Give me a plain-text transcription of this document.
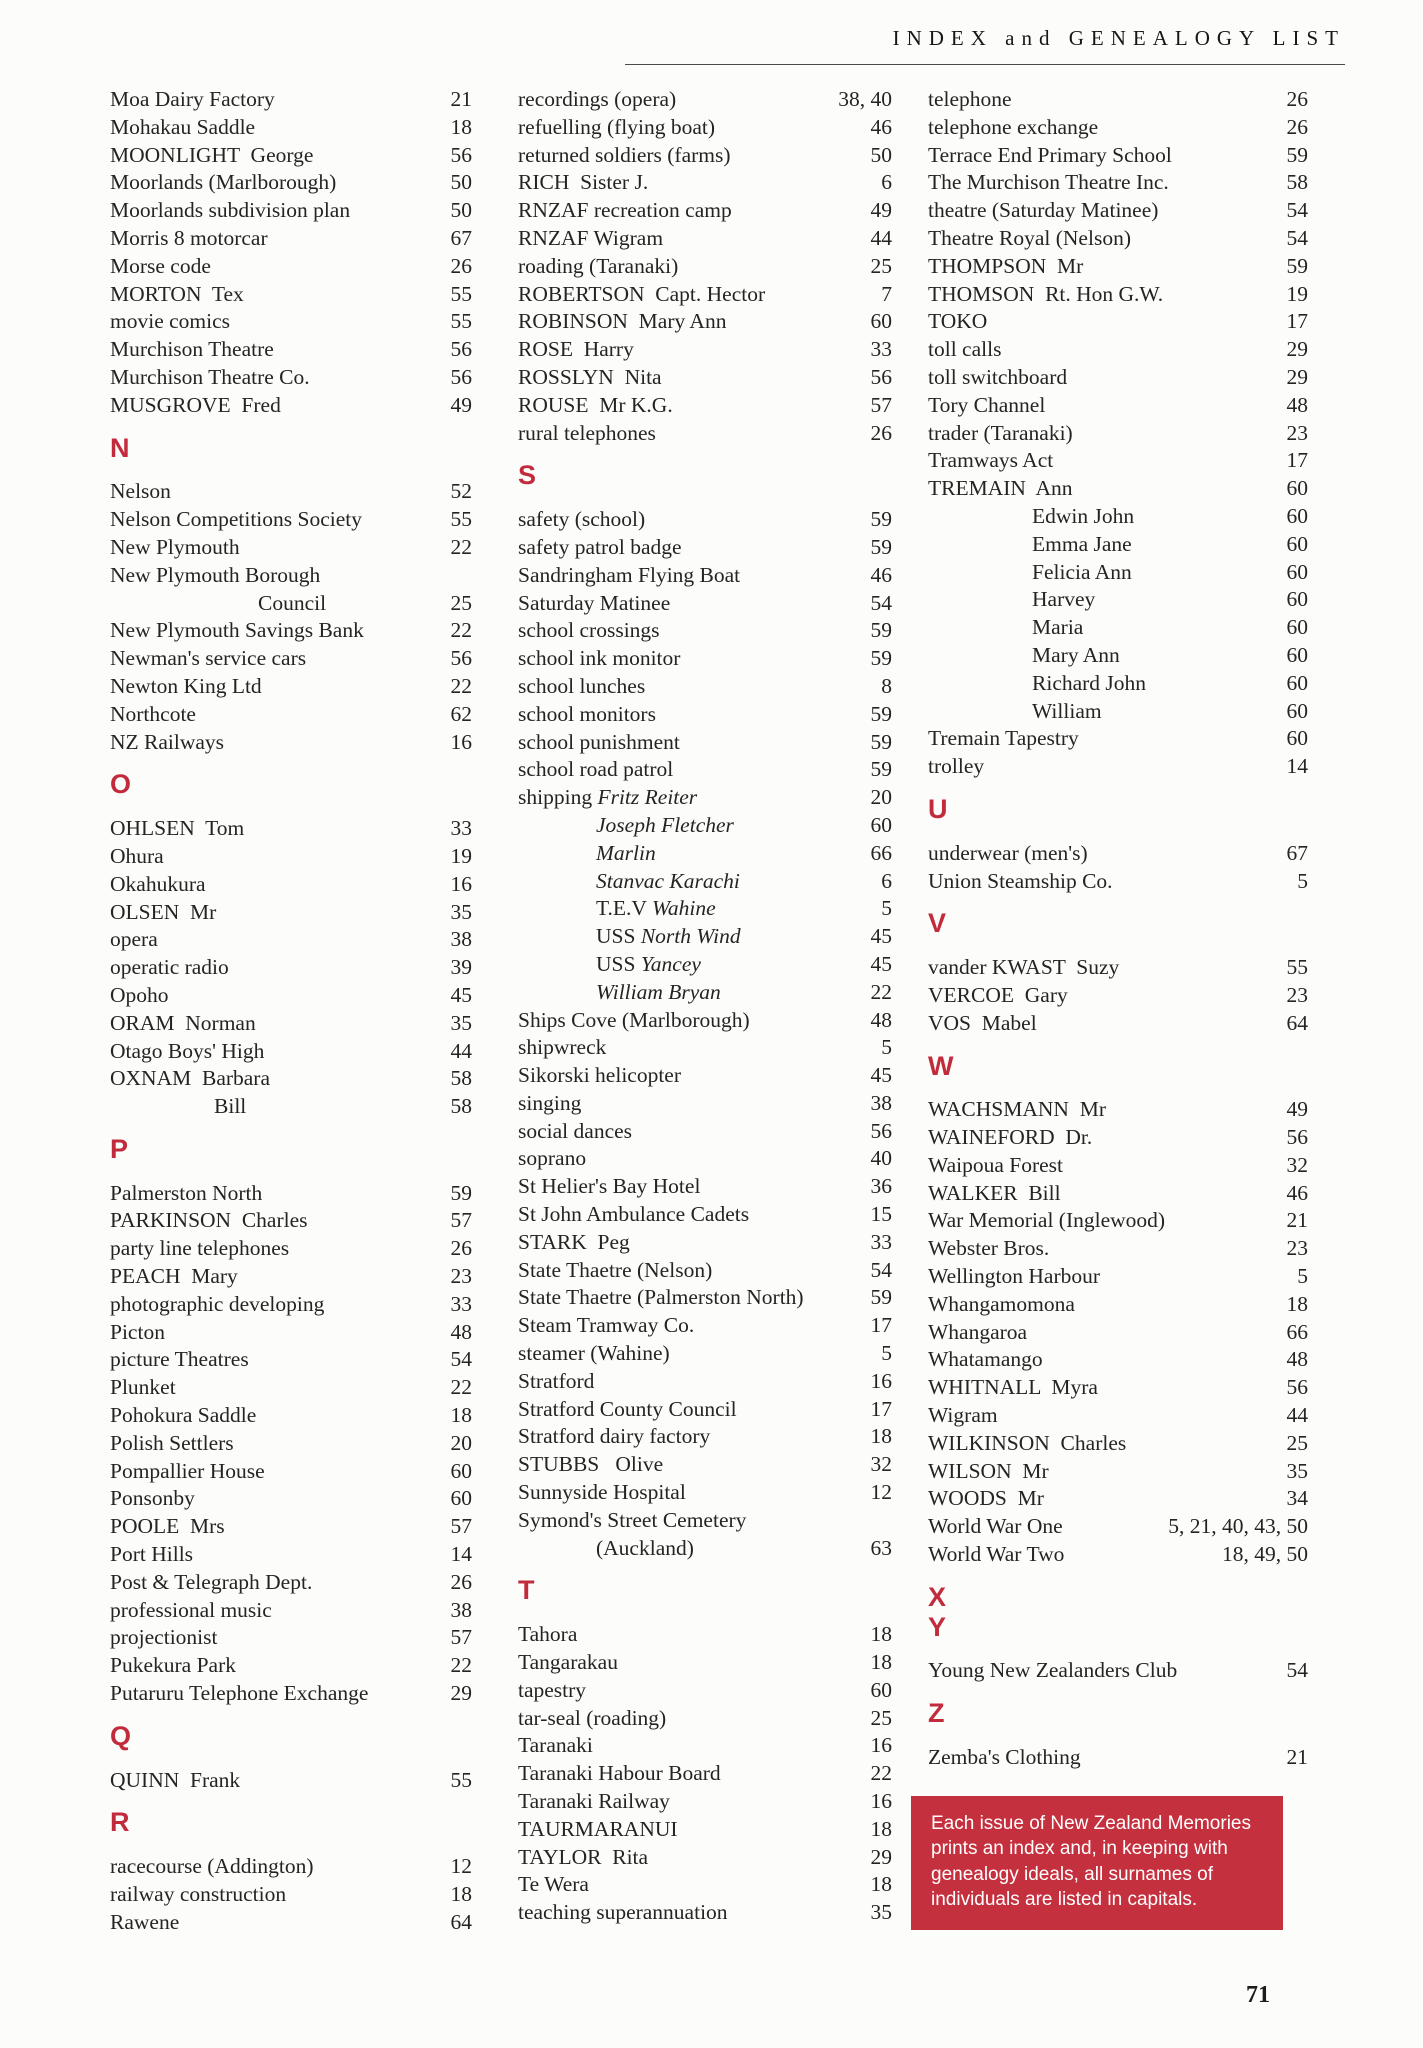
INDEX and GENEALOGY LIST
Moa Dairy Factory	21
Mohakau Saddle	18
MOONLIGHT  George	56
Moorlands (Marlborough)	50
Moorlands subdivision plan	50
Morris 8 motorcar	67
Morse code	26
MORTON  Tex	55
movie comics	55
Murchison Theatre	56
Murchison Theatre Co.	56
MUSGROVE  Fred	49
N
Nelson	52
Nelson Competitions Society	55
New Plymouth	22
New Plymouth Borough
Council	25
New Plymouth Savings Bank	22
Newman's service cars	56
Newton King Ltd	22
Northcote	62
NZ Railways	16
O
OHLSEN  Tom	33
Ohura	19
Okahukura	16
OLSEN  Mr	35
opera	38
operatic radio	39
Opoho	45
ORAM  Norman	35
Otago Boys' High	44
OXNAM  Barbara	58
Bill	58
P
Palmerston North	59
PARKINSON  Charles	57
party line telephones	26
PEACH  Mary	23
photographic developing	33
Picton	48
picture Theatres	54
Plunket	22
Pohokura Saddle	18
Polish Settlers	20
Pompallier House	60
Ponsonby	60
POOLE  Mrs	57
Port Hills	14
Post & Telegraph Dept.	26
professional music	38
projectionist	57
Pukekura Park	22
Putaruru Telephone Exchange	29
Q
QUINN  Frank	55
R
racecourse (Addington)	12
railway construction	18
Rawene	64
recordings (opera)	38, 40
refuelling (flying boat)	46
returned soldiers (farms)	50
RICH  Sister J.	6
RNZAF recreation camp	49
RNZAF Wigram	44
roading (Taranaki)	25
ROBERTSON  Capt. Hector	7
ROBINSON  Mary Ann	60
ROSE  Harry	33
ROSSLYN  Nita	56
ROUSE  Mr K.G.	57
rural telephones	26
S
safety (school)	59
safety patrol badge	59
Sandringham Flying Boat	46
Saturday Matinee	54
school crossings	59
school ink monitor	59
school lunches	8
school monitors	59
school punishment	59
school road patrol	59
shipping Fritz Reiter	20
Joseph Fletcher	60
Marlin	66
Stanvac Karachi	6
T.E.V Wahine	5
USS North Wind	45
USS Yancey	45
William Bryan	22
Ships Cove (Marlborough)	48
shipwreck	5
Sikorski helicopter	45
singing	38
social dances	56
soprano	40
St Helier's Bay Hotel	36
St John Ambulance Cadets	15
STARK  Peg	33
State Thaetre (Nelson)	54
State Thaetre (Palmerston North)	59
Steam Tramway Co.	17
steamer (Wahine)	5
Stratford	16
Stratford County Council	17
Stratford dairy factory	18
STUBBS   Olive	32
Sunnyside Hospital	12
Symond's Street Cemetery
(Auckland)	63
T
Tahora	18
Tangarakau	18
tapestry	60
tar-seal (roading)	25
Taranaki	16
Taranaki Habour Board	22
Taranaki Railway	16
TAURMARANUI	18
TAYLOR  Rita	29
Te Wera	18
teaching superannuation	35
telephone	26
telephone exchange	26
Terrace End Primary School	59
The Murchison Theatre Inc.	58
theatre (Saturday Matinee)	54
Theatre Royal (Nelson)	54
THOMPSON  Mr	59
THOMSON  Rt. Hon G.W.	19
TOKO	17
toll calls	29
toll switchboard	29
Tory Channel	48
trader (Taranaki)	23
Tramways Act	17
TREMAIN  Ann	60
Edwin John	60
Emma Jane	60
Felicia Ann	60
Harvey	60
Maria	60
Mary Ann	60
Richard John	60
William	60
Tremain Tapestry	60
trolley	14
U
underwear (men's)	67
Union Steamship Co.	5
V
vander KWAST  Suzy	55
VERCOE  Gary	23
VOS  Mabel	64
W
WACHSMANN  Mr	49
WAINEFORD  Dr.	56
Waipoua Forest	32
WALKER  Bill	46
War Memorial (Inglewood)	21
Webster Bros.	23
Wellington Harbour	5
Whangamomona	18
Whangaroa	66
Whatamango	48
WHITNALL  Myra	56
Wigram	44
WILKINSON  Charles	25
WILSON  Mr	35
WOODS  Mr	34
World War One	5, 21, 40, 43, 50
World War Two	18, 49, 50
X
Y
Young New Zealanders Club	54
Z
Zemba's Clothing	21
Each issue of New Zealand Memories prints an index and, in keeping with genealogy ideals, all surnames of individuals are listed in capitals.
71
